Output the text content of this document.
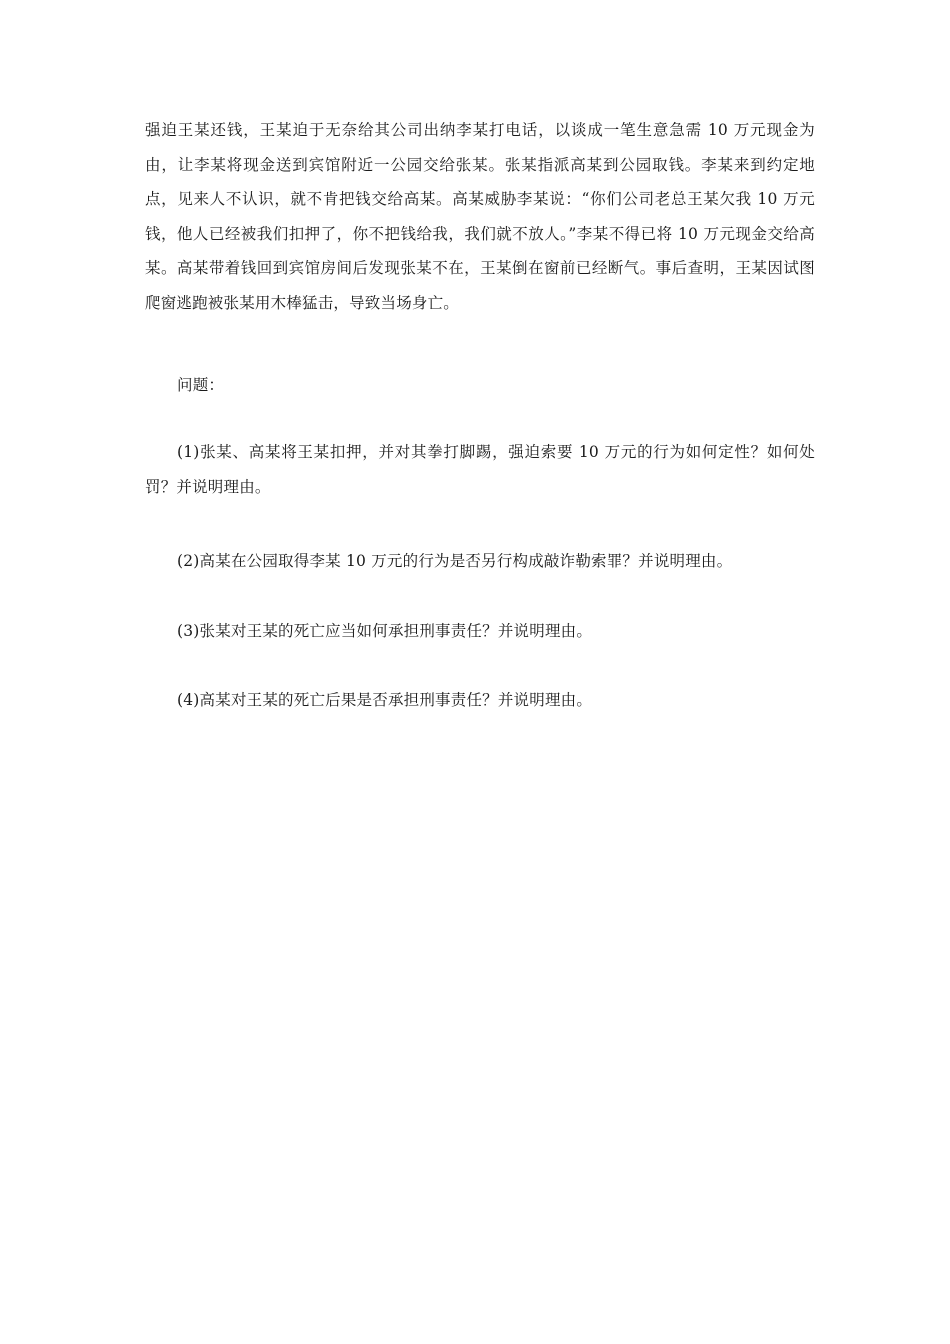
强迫王某还钱，王某迫于无奈给其公司出纳李某打电话，以谈成一笔生意急需 10 万元现金为由，让李某将现金送到宾馆附近一公园交给张某。张某指派高某到公园取钱。李某来到约定地点，见来人不认识，就不肯把钱交给高某。高某威胁李某说：“你们公司老总王某欠我 10 万元钱，他人已经被我们扣押了，你不把钱给我，我们就不放人。”李某不得已将 10 万元现金交给高某。高某带着钱回到宾馆房间后发现张某不在，王某倒在窗前已经断气。事后查明，王某因试图爬窗逃跑被张某用木棒猛击，导致当场身亡。

问题：

(1)张某、高某将王某扣押，并对其拳打脚踢，强迫索要 10 万元的行为如何定性？如何处罚？并说明理由。

(2)高某在公园取得李某 10 万元的行为是否另行构成敲诈勒索罪？并说明理由。

(3)张某对王某的死亡应当如何承担刑事责任？并说明理由。

(4)高某对王某的死亡后果是否承担刑事责任？并说明理由。
